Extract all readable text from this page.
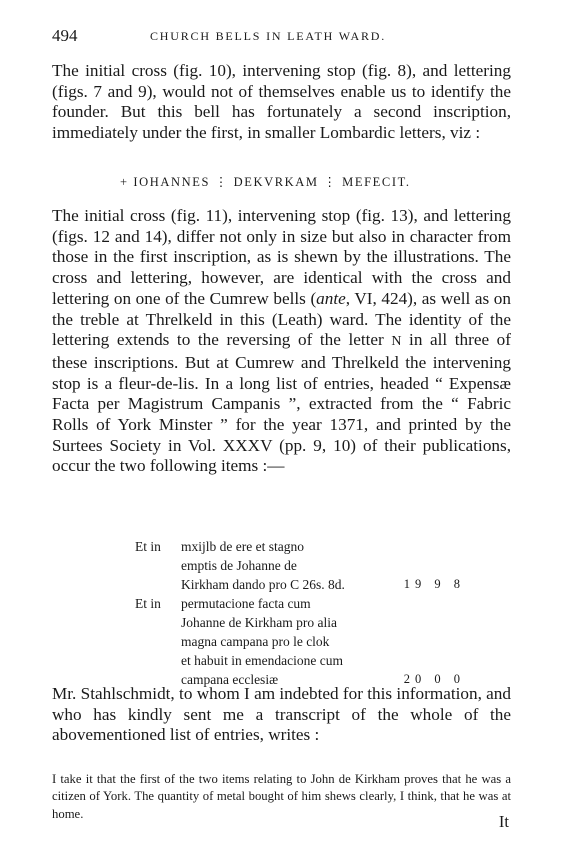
494	CHURCH BELLS IN LEATH WARD.

The initial cross (fig. 10), intervening stop (fig. 8), and lettering (figs. 7 and 9), would not of themselves enable us to identify the founder. But this bell has fortunately a second inscription, immediately under the first, in smaller Lombardic letters, viz :

+ IOHANNES ⋮ DEKVRKAM ⋮ MEFECIT.

The initial cross (fig. 11), intervening stop (fig. 13), and lettering (figs. 12 and 14), differ not only in size but also in character from those in the first inscription, as is shewn by the illustrations. The cross and lettering, however, are identical with the cross and lettering on one of the Cumrew bells (ante, VI, 424), as well as on the treble at Threlkeld in this (Leath) ward. The identity of the lettering extends to the reversing of the letter N in all three of these inscriptions. But at Cumrew and Threlkeld the intervening stop is a fleur-de-lis. In a long list of entries, headed “ Expensæ Facta per Magistrum Campanis ”, extracted from the “ Fabric Rolls of York Minster ” for the year 1371, and printed by the Surtees Society in Vol. XXXV (pp. 9, 10) of their publications, occur the two following items :—

Et in mxijlb de ere et stagno
emptis de Johanne de
Kirkham dando pro C 26s. 8d.	19 9 8
Et in permutacione facta cum
Johanne de Kirkham pro alia
magna campana pro le clok
et habuit in emendacione cum
campana ecclesiæ	20 0 0

Mr. Stahlschmidt, to whom I am indebted for this information, and who has kindly sent me a transcript of the whole of the abovementioned list of entries, writes :

I take it that the first of the two items relating to John de Kirkham proves that he was a citizen of York. The quantity of metal bought of him shews clearly, I think, that he was at home.	It
